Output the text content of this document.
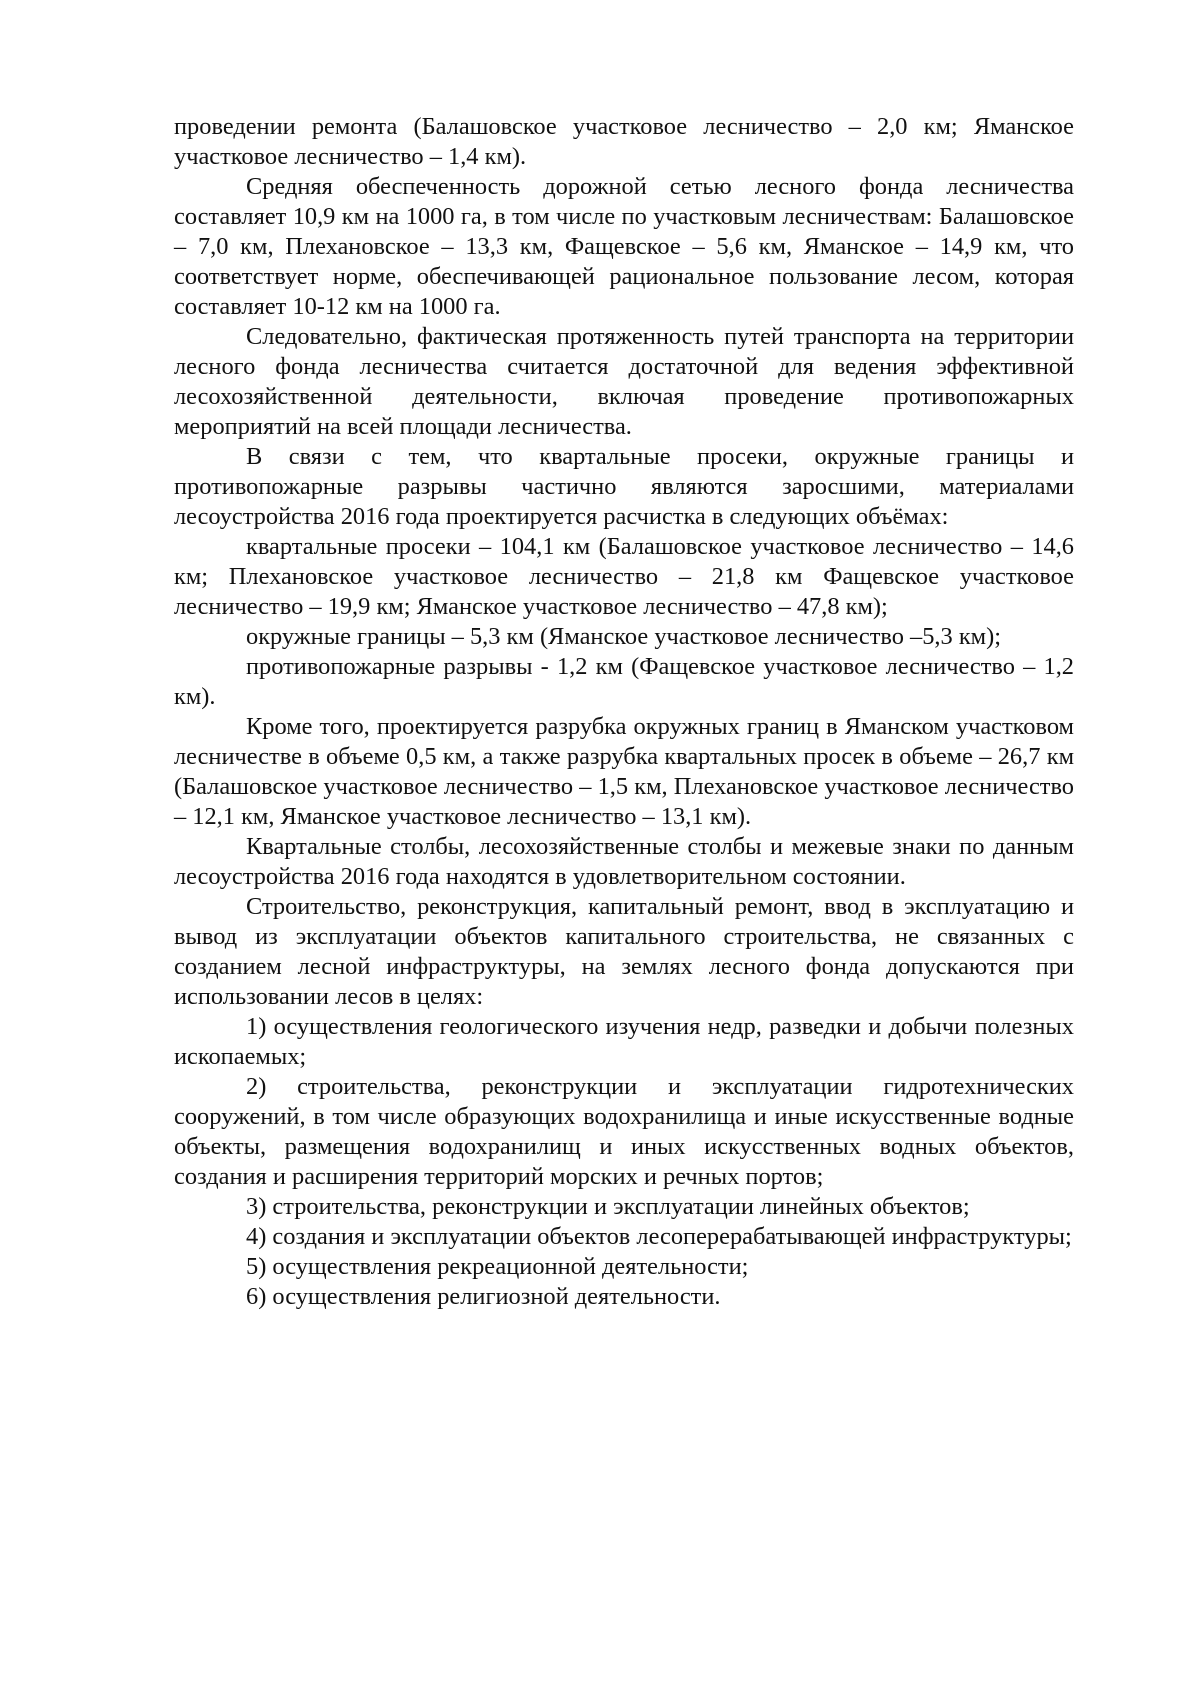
проведении ремонта (Балашовское участковое лесничество – 2,0 км; Яманское участковое лесничество – 1,4 км).

Средняя обеспеченность дорожной сетью лесного фонда лесничества составляет 10,9 км на 1000 га, в том числе по участковым лесничествам: Балашовское – 7,0 км, Плехановское – 13,3 км, Фащевское – 5,6 км, Яманское – 14,9 км, что соответствует норме, обеспечивающей рациональное пользование лесом, которая составляет 10-12 км на 1000 га.

Следовательно, фактическая протяженность путей транспорта на территории лесного фонда лесничества считается достаточной для ведения эффективной лесохозяйственной деятельности, включая проведение противопожарных мероприятий на всей площади лесничества.

В связи с тем, что квартальные просеки, окружные границы и противопожарные разрывы частично являются заросшими, материалами лесоустройства 2016 года проектируется расчистка в следующих объёмах:

квартальные просеки – 104,1 км (Балашовское участковое лесничество – 14,6 км; Плехановское участковое лесничество – 21,8 км Фащевское участковое лесничество – 19,9 км; Яманское участковое лесничество – 47,8 км);

окружные границы – 5,3 км (Яманское участковое лесничество –5,3 км);

противопожарные разрывы - 1,2 км (Фащевское участковое лесничество – 1,2 км).

Кроме того, проектируется разрубка окружных границ в Яманском участковом лесничестве в объеме 0,5 км, а также разрубка квартальных просек в объеме – 26,7 км (Балашовское участковое лесничество – 1,5 км, Плехановское участковое лесничество – 12,1 км, Яманское участковое лесничество – 13,1 км).

Квартальные столбы, лесохозяйственные столбы и межевые знаки по данным лесоустройства 2016 года находятся в удовлетворительном состоянии.

Строительство, реконструкция, капитальный ремонт, ввод в эксплуатацию и вывод из эксплуатации объектов капитального строительства, не связанных с созданием лесной инфраструктуры, на землях лесного фонда допускаются при использовании лесов в целях:

1) осуществления геологического изучения недр, разведки и добычи полезных ископаемых;

2) строительства, реконструкции и эксплуатации гидротехнических сооружений, в том числе образующих водохранилища и иные искусственные водные объекты, размещения водохранилищ и иных искусственных водных объектов, создания и расширения территорий морских и речных портов;

3) строительства, реконструкции и эксплуатации линейных объектов;

4) создания и эксплуатации объектов лесоперерабатывающей инфраструктуры;

5) осуществления рекреационной деятельности;

6) осуществления религиозной деятельности.
